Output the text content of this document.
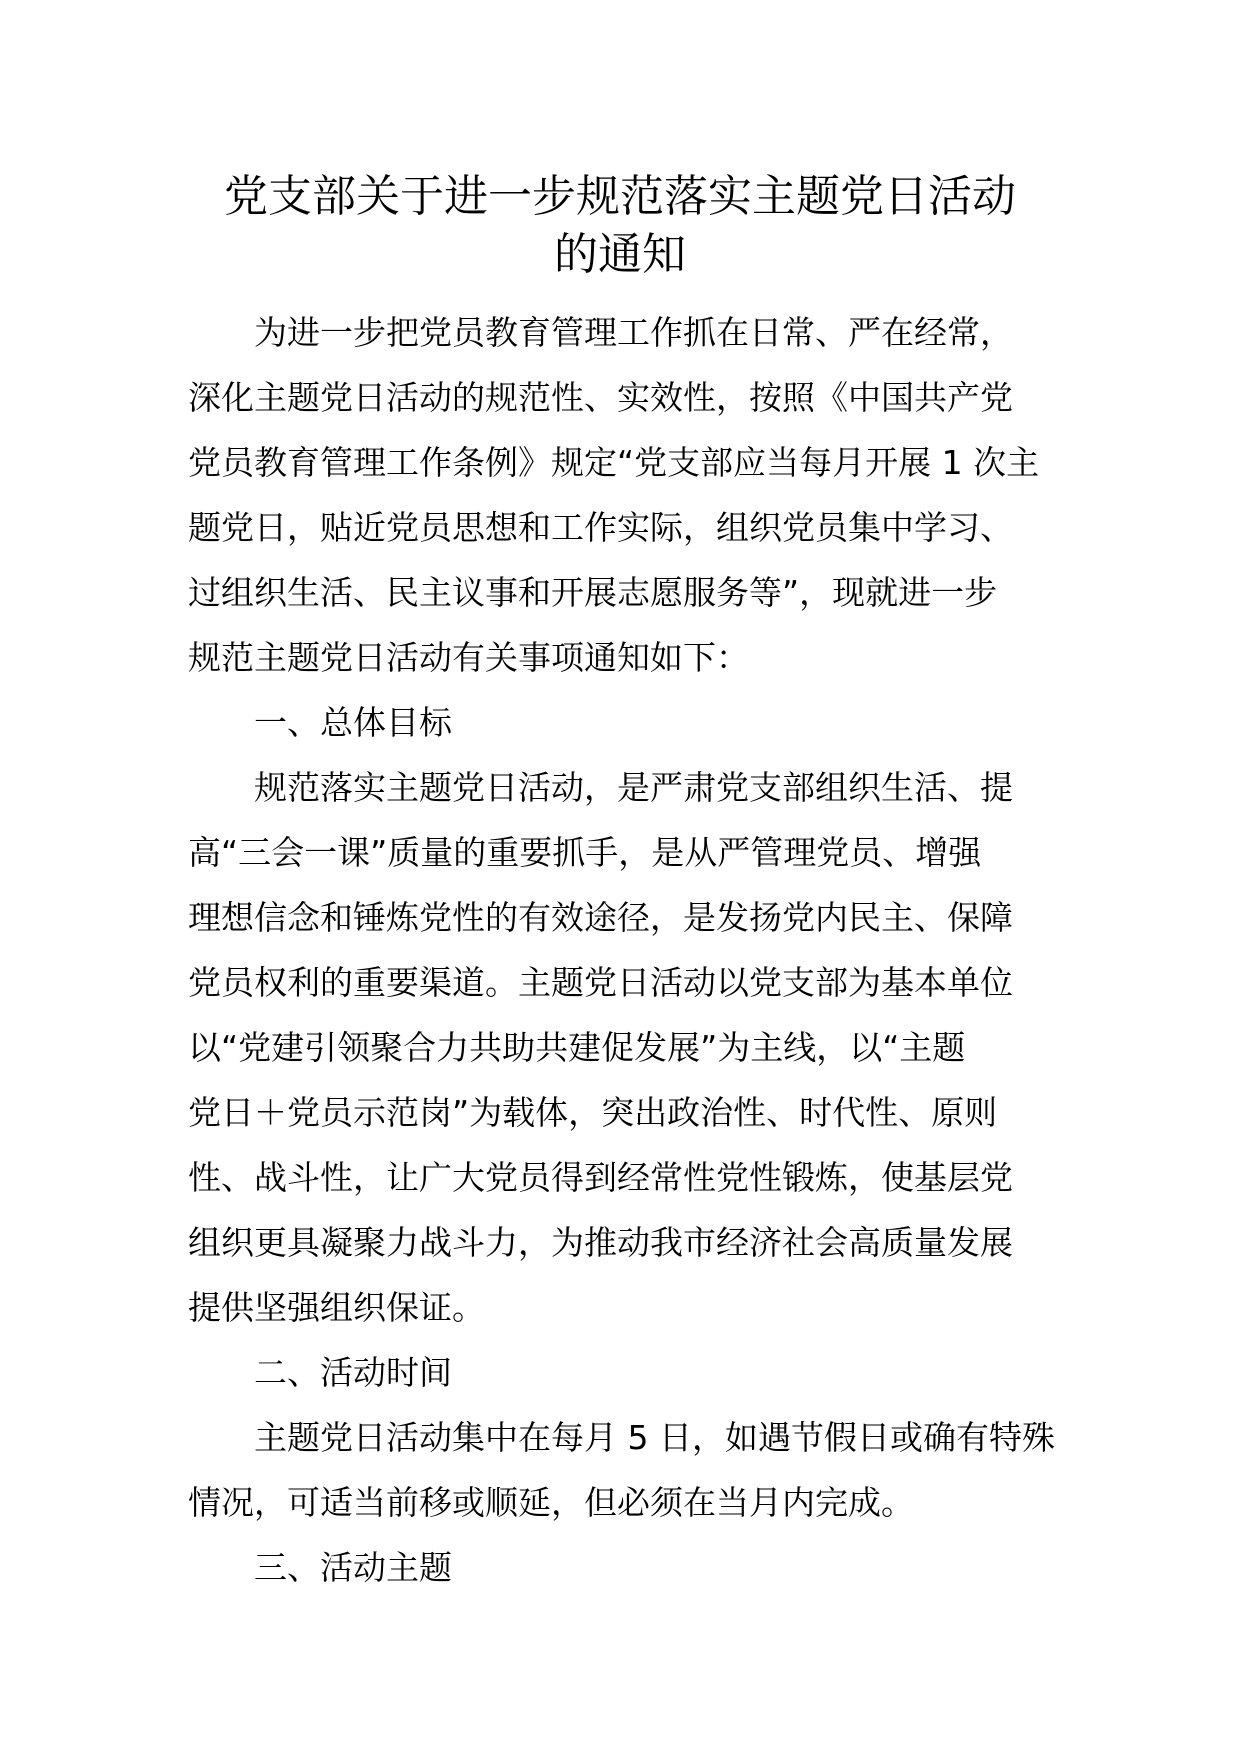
党支部关于进一步规范落实主题党日活动
的通知

为进一步把党员教育管理工作抓在日常、严在经常，
深化主题党日活动的规范性、实效性，按照《中国共产党
党员教育管理工作条例》规定“党支部应当每月开展 1 次主
题党日，贴近党员思想和工作实际，组织党员集中学习、
过组织生活、民主议事和开展志愿服务等”，现就进一步
规范主题党日活动有关事项通知如下：

一、总体目标

规范落实主题党日活动，是严肃党支部组织生活、提
高“三会一课”质量的重要抓手，是从严管理党员、增强
理想信念和锤炼党性的有效途径，是发扬党内民主、保障
党员权利的重要渠道。主题党日活动以党支部为基本单位
以“党建引领聚合力共助共建促发展”为主线，以“主题
党日＋党员示范岗”为载体，突出政治性、时代性、原则
性、战斗性，让广大党员得到经常性党性锻炼，使基层党
组织更具凝聚力战斗力，为推动我市经济社会高质量发展
提供坚强组织保证。

二、活动时间

主题党日活动集中在每月 5 日，如遇节假日或确有特殊
情况，可适当前移或顺延，但必须在当月内完成。

三、活动主题
